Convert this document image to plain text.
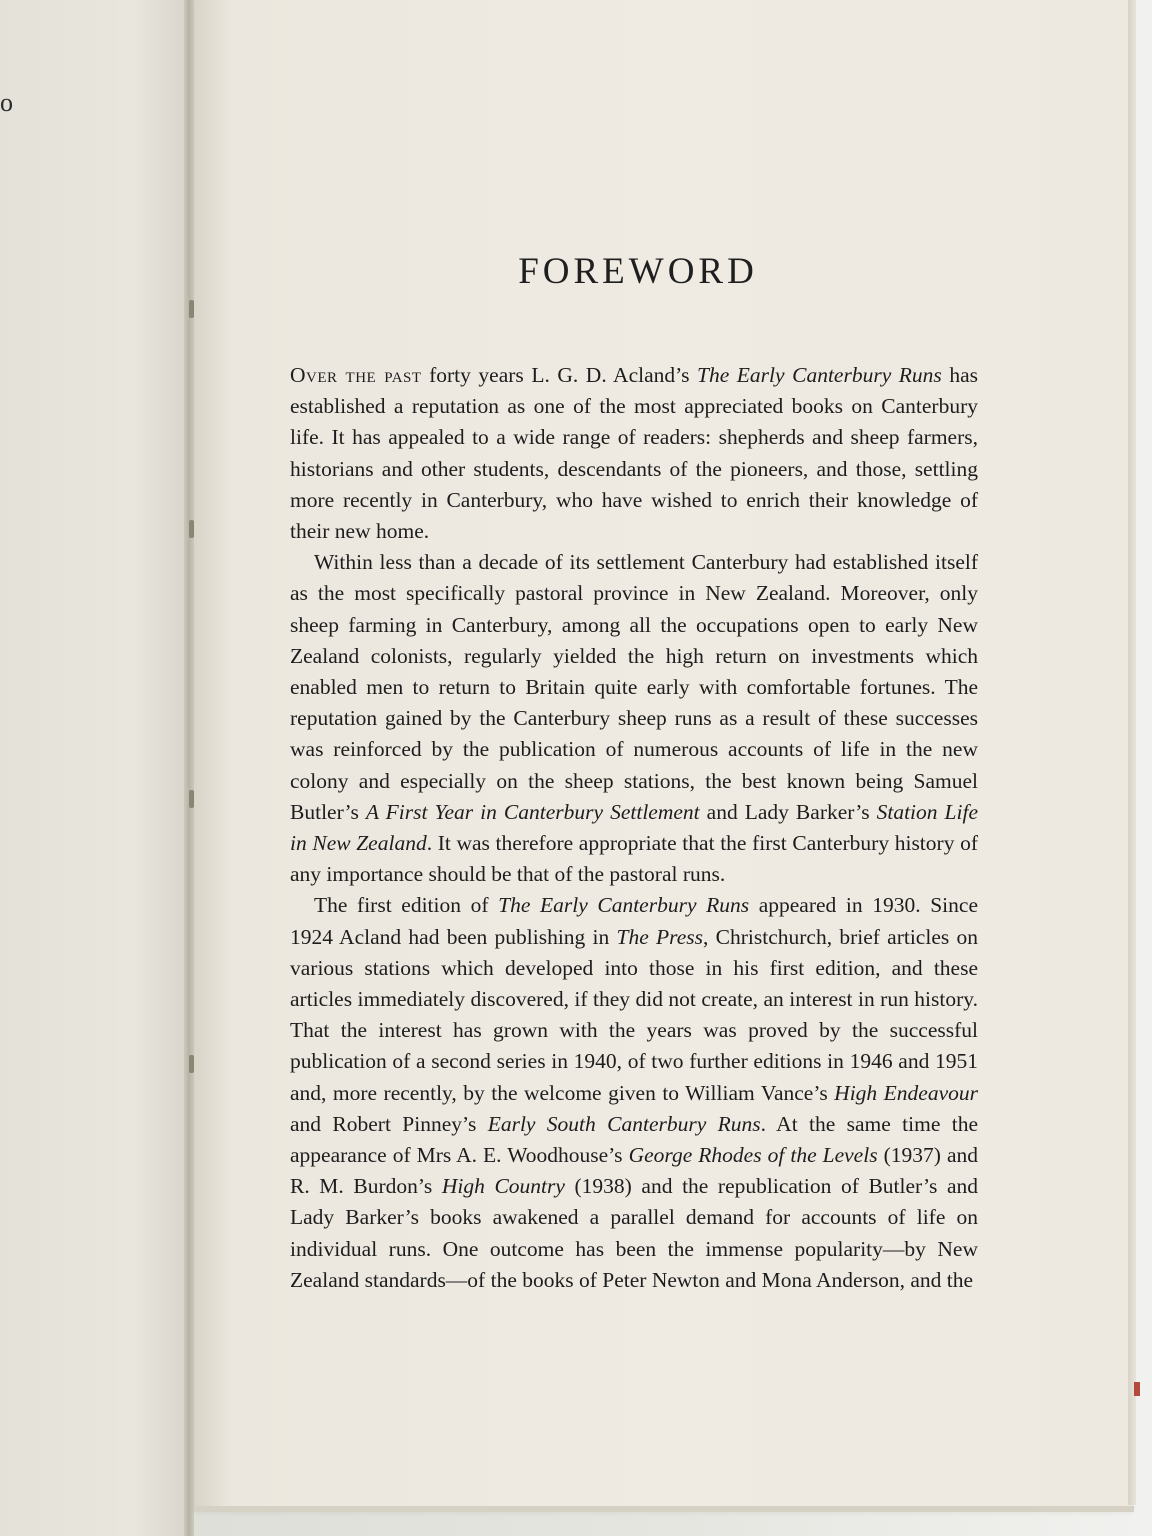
o
FOREWORD

Over the past forty years L. G. D. Acland’s The Early Canterbury Runs has established a reputation as one of the most appreciated books on Canterbury life. It has appealed to a wide range of readers: shepherds and sheep farmers, historians and other students, descendants of the pioneers, and those, settling more recently in Canterbury, who have wished to enrich their knowledge of their new home.

Within less than a decade of its settlement Canterbury had established itself as the most specifically pastoral province in New Zealand. Moreover, only sheep farming in Canterbury, among all the occupations open to early New Zealand colonists, regularly yielded the high return on investments which enabled men to return to Britain quite early with comfortable fortunes. The reputation gained by the Canterbury sheep runs as a result of these successes was reinforced by the publication of numerous accounts of life in the new colony and especially on the sheep stations, the best known being Samuel Butler’s A First Year in Canterbury Settlement and Lady Barker’s Station Life in New Zealand. It was therefore appropriate that the first Canterbury history of any importance should be that of the pastoral runs.

The first edition of The Early Canterbury Runs appeared in 1930. Since 1924 Acland had been publishing in The Press, Christchurch, brief articles on various stations which developed into those in his first edition, and these articles immediately discovered, if they did not create, an interest in run history. That the interest has grown with the years was proved by the successful publication of a second series in 1940, of two further editions in 1946 and 1951 and, more recently, by the welcome given to William Vance’s High Endeavour and Robert Pinney’s Early South Canterbury Runs. At the same time the appearance of Mrs A. E. Woodhouse’s George Rhodes of the Levels (1937) and R. M. Burdon’s High Country (1938) and the republication of Butler’s and Lady Barker’s books awakened a parallel demand for accounts of life on individual runs. One outcome has been the immense popularity—by New Zealand standards—of the books of Peter Newton and Mona Anderson, and the
